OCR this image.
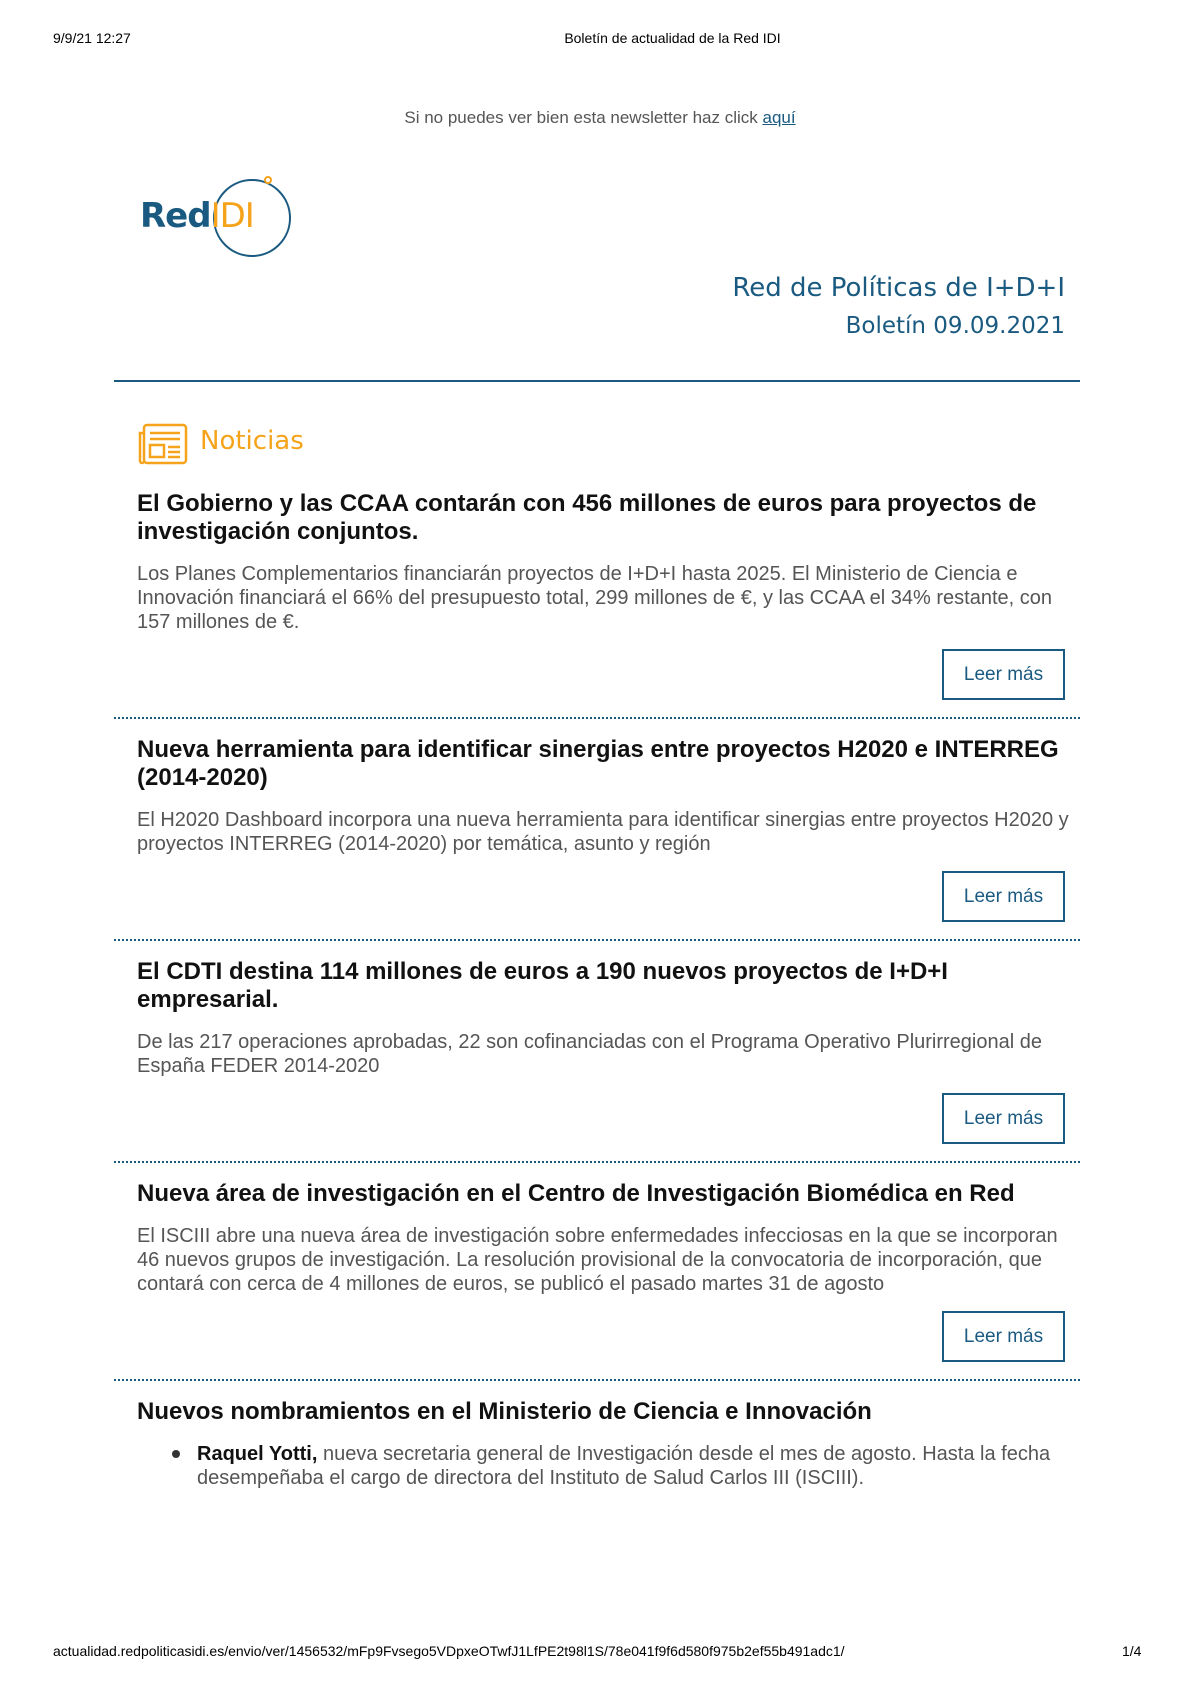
9/9/21 12:27	Boletín de actualidad de la Red IDI
Si no puedes ver bien esta newsletter haz click aquí
RedIDI
Red de Políticas de I+D+I
Boletín 09.09.2021
Noticias
El Gobierno y las CCAA contarán con 456 millones de euros para proyectos de investigación conjuntos.
Los Planes Complementarios financiarán proyectos de I+D+I hasta 2025. El Ministerio de Ciencia e Innovación financiará el 66% del presupuesto total, 299 millones de €, y las CCAA el 34% restante, con 157 millones de €.
Leer más
Nueva herramienta para identificar sinergias entre proyectos H2020 e INTERREG (2014-2020)
El H2020 Dashboard incorpora una nueva herramienta para identificar sinergias entre proyectos H2020 y proyectos INTERREG (2014-2020) por temática, asunto y región
Leer más
El CDTI destina 114 millones de euros a 190 nuevos proyectos de I+D+I empresarial.
De las 217 operaciones aprobadas, 22 son cofinanciadas con el Programa Operativo Plurirregional de España FEDER 2014-2020
Leer más
Nueva área de investigación en el Centro de Investigación Biomédica en Red
El ISCIII abre una nueva área de investigación sobre enfermedades infecciosas en la que se incorporan 46 nuevos grupos de investigación. La resolución provisional de la convocatoria de incorporación, que contará con cerca de 4 millones de euros, se publicó el pasado martes 31 de agosto
Leer más
Nuevos nombramientos en el Ministerio de Ciencia e Innovación
Raquel Yotti, nueva secretaria general de Investigación desde el mes de agosto. Hasta la fecha desempeñaba el cargo de directora del Instituto de Salud Carlos III (ISCIII).
actualidad.redpoliticasidi.es/envio/ver/1456532/mFp9Fvsego5VDpxeOTwfJ1LfPE2t98l1S/78e041f9f6d580f975b2ef55b491adc1/	1/4
